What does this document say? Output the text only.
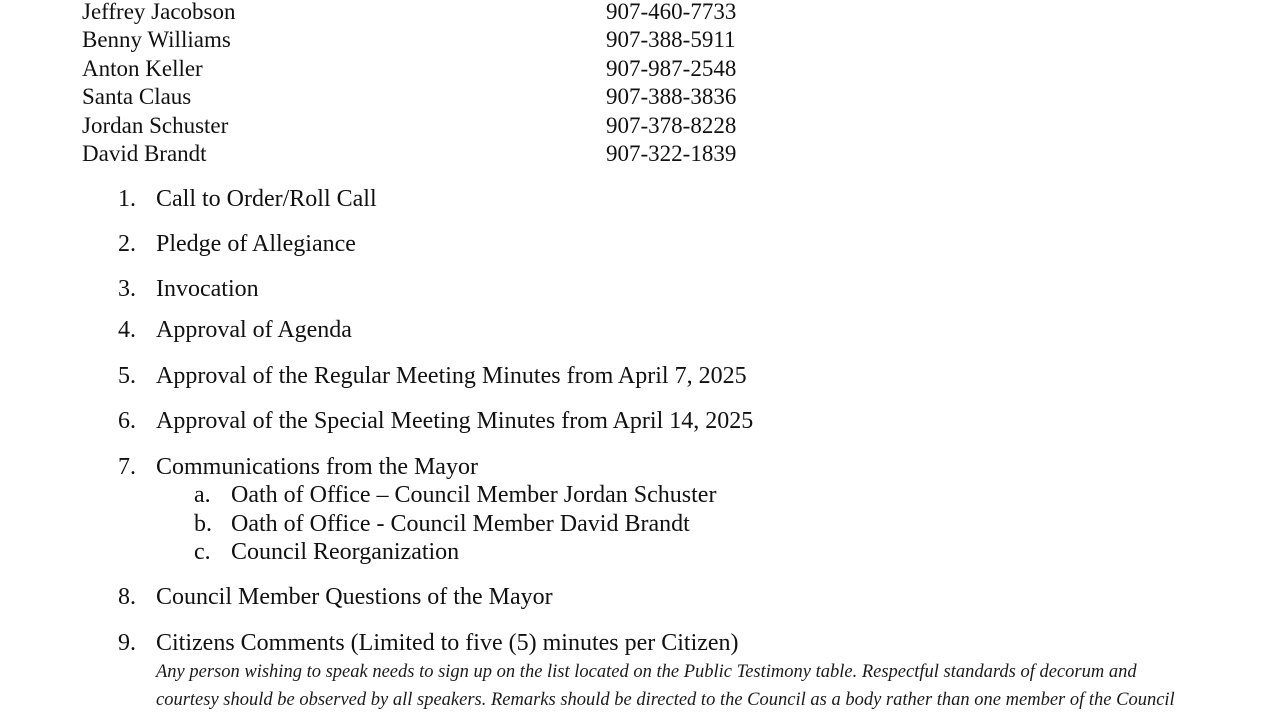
Jeffrey Jacobson	907-460-7733
Benny Williams	907-388-5911
Anton Keller	907-987-2548
Santa Claus	907-388-3836
Jordan Schuster	907-378-8228
David Brandt	907-322-1839
1. Call to Order/Roll Call
2. Pledge of Allegiance
3. Invocation
4. Approval of Agenda
5. Approval of the Regular Meeting Minutes from April 7, 2025
6. Approval of the Special Meeting Minutes from April 14, 2025
7. Communications from the Mayor
a. Oath of Office – Council Member Jordan Schuster
b. Oath of Office - Council Member David Brandt
c. Council Reorganization
8. Council Member Questions of the Mayor
9. Citizens Comments (Limited to five (5) minutes per Citizen)
Any person wishing to speak needs to sign up on the list located on the Public Testimony table. Respectful standards of decorum and
courtesy should be observed by all speakers. Remarks should be directed to the Council as a body rather than one member of the Council
